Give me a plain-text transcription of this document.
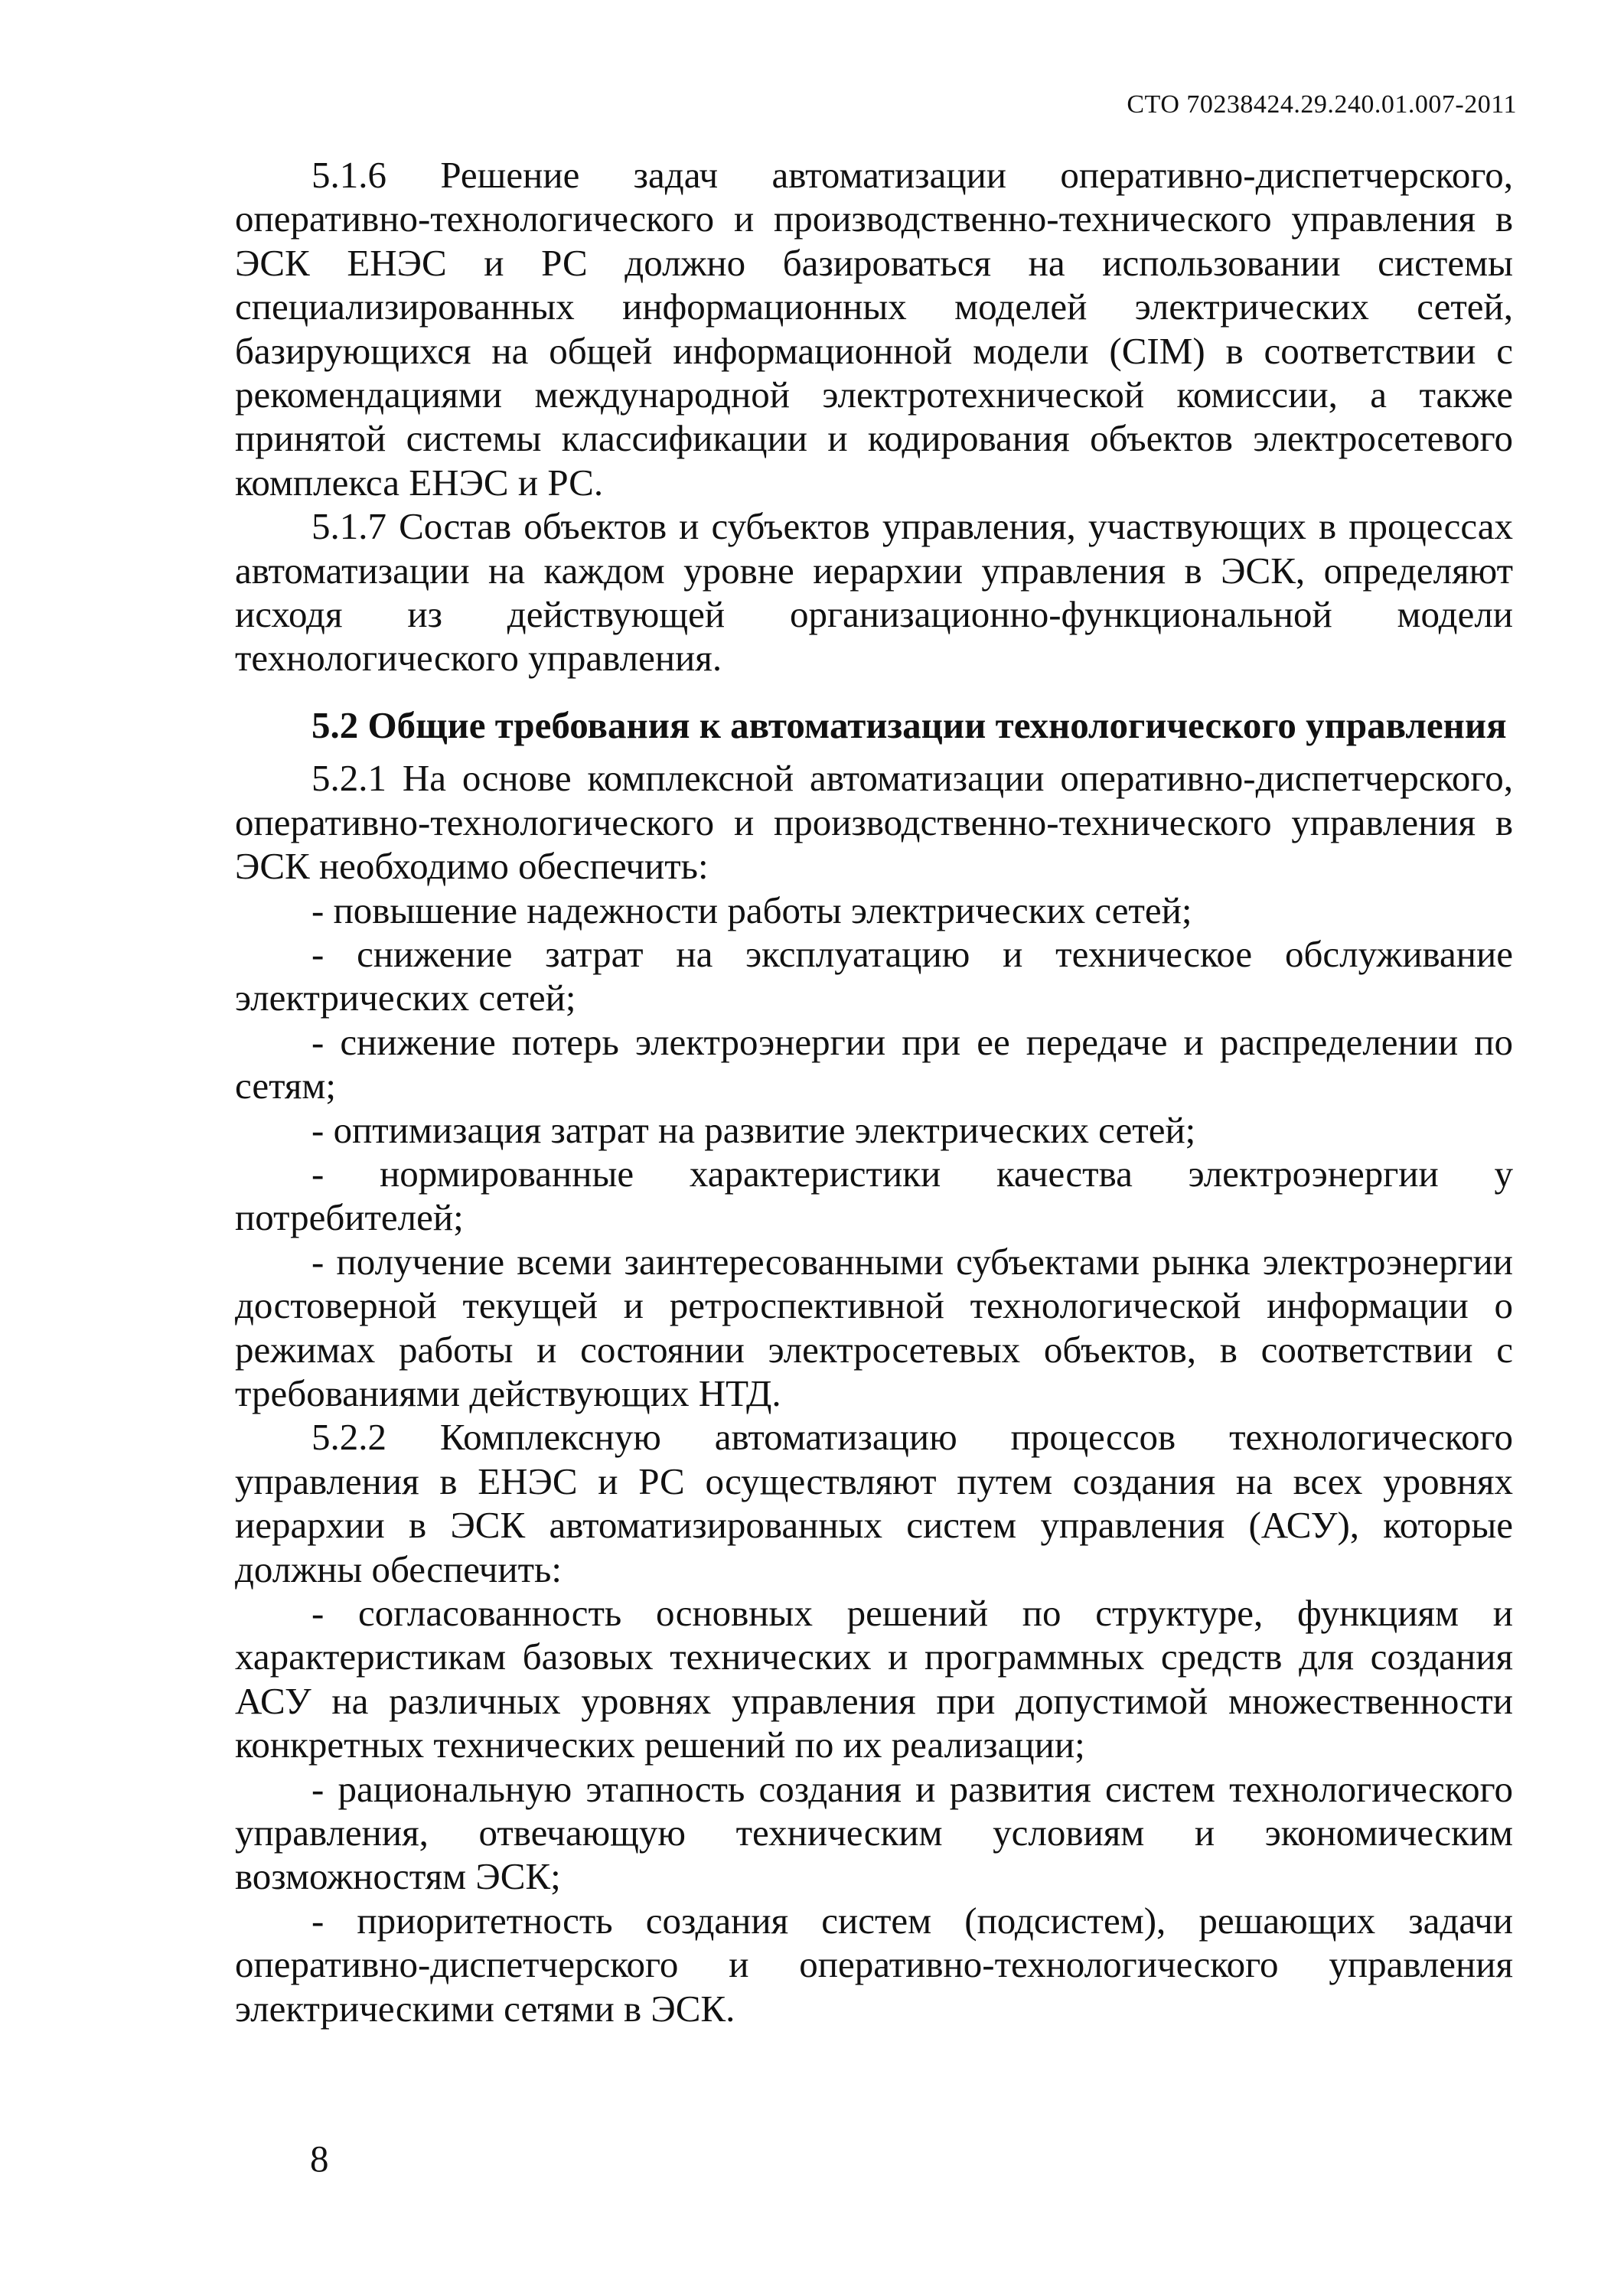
СТО 70238424.29.240.01.007-2011

5.1.6 Решение задач автоматизации оперативно-диспетчерского, оперативно-технологического и производственно-технического управления в ЭСК ЕНЭС и РС должно базироваться на использовании системы специализированных информационных моделей электрических сетей, базирующихся на общей информационной модели (CIM) в соответствии с рекомендациями международной электротехнической комиссии, а также принятой системы классификации и кодирования объектов электросетевого комплекса ЕНЭС и РС.

5.1.7 Состав объектов и субъектов управления, участвующих в процессах автоматизации на каждом уровне иерархии управления в ЭСК, определяют исходя из действующей организационно-функциональной модели технологического управления.

5.2 Общие требования к автоматизации технологического управления

5.2.1 На основе комплексной автоматизации оперативно-диспетчерского, оперативно-технологического и производственно-технического управления в ЭСК необходимо обеспечить:

- повышение надежности работы электрических сетей;

- снижение затрат на эксплуатацию и техническое обслуживание электрических сетей;

- снижение потерь электроэнергии при ее передаче и распределении по сетям;

- оптимизация затрат на развитие электрических сетей;

- нормированные характеристики качества электроэнергии у потребителей;

- получение всеми заинтересованными субъектами рынка электроэнергии достоверной текущей и ретроспективной технологической информации о режимах работы и состоянии электросетевых объектов, в соответствии с требованиями действующих НТД.

5.2.2 Комплексную автоматизацию процессов технологического управления в ЕНЭС и РС осуществляют путем создания на всех уровнях иерархии в ЭСК автоматизированных систем управления (АСУ), которые должны обеспечить:

- согласованность основных решений по структуре, функциям и характеристикам базовых технических и программных средств для создания АСУ на различных уровнях управления при допустимой множественности конкретных технических решений по их реализации;

- рациональную этапность создания и развития систем технологического управления, отвечающую техническим условиям и экономическим возможностям ЭСК;

- приоритетность создания систем (подсистем), решающих задачи оперативно-диспетчерского и оперативно-технологического управления электрическими сетями в ЭСК.

8
